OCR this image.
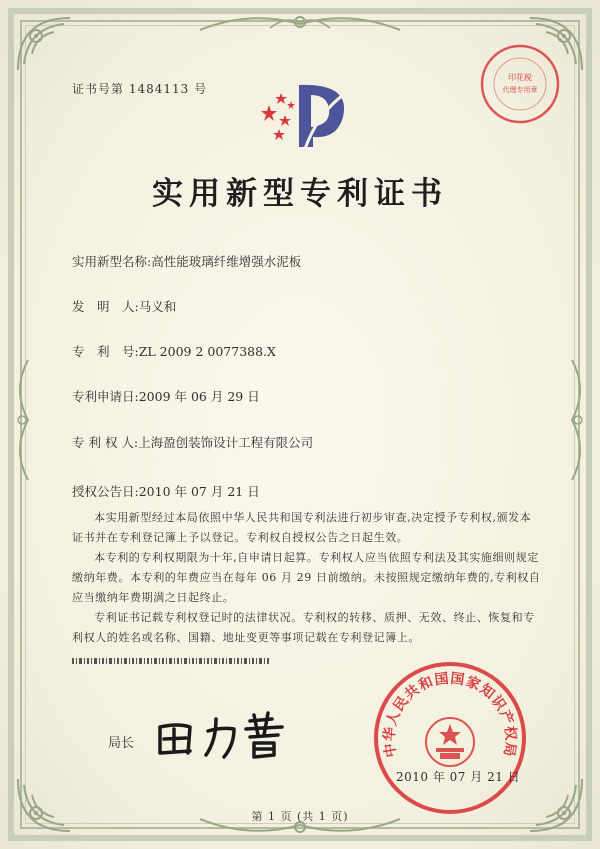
证书号第 1484113 号
印花税
代理专用章
实用新型专利证书
实用新型名称:高性能玻璃纤维增强水泥板
发　明　人:马义和
专　利　号:ZL 2009 2 0077388.X
专利申请日:2009 年 06 月 29 日
专 利 权 人:上海盈创装饰设计工程有限公司
授权公告日:2010 年 07 月 21 日
本实用新型经过本局依照中华人民共和国专利法进行初步审查,决定授予专利权,颁发本证书并在专利登记簿上予以登记。专利权自授权公告之日起生效。
本专利的专利权期限为十年,自申请日起算。专利权人应当依照专利法及其实施细则规定缴纳年费。本专利的年费应当在每年 06 月 29 日前缴纳。未按照规定缴纳年费的,专利权自应当缴纳年费期满之日起终止。
专利证书记载专利权登记时的法律状况。专利权的转移、质押、无效、终止、恢复和专利权人的姓名或名称、国籍、地址变更等事项记载在专利登记簿上。
局长	中华人民共和国国家知识产权局
2010 年 07 月 21 日
第 1 页 (共 1 页)
